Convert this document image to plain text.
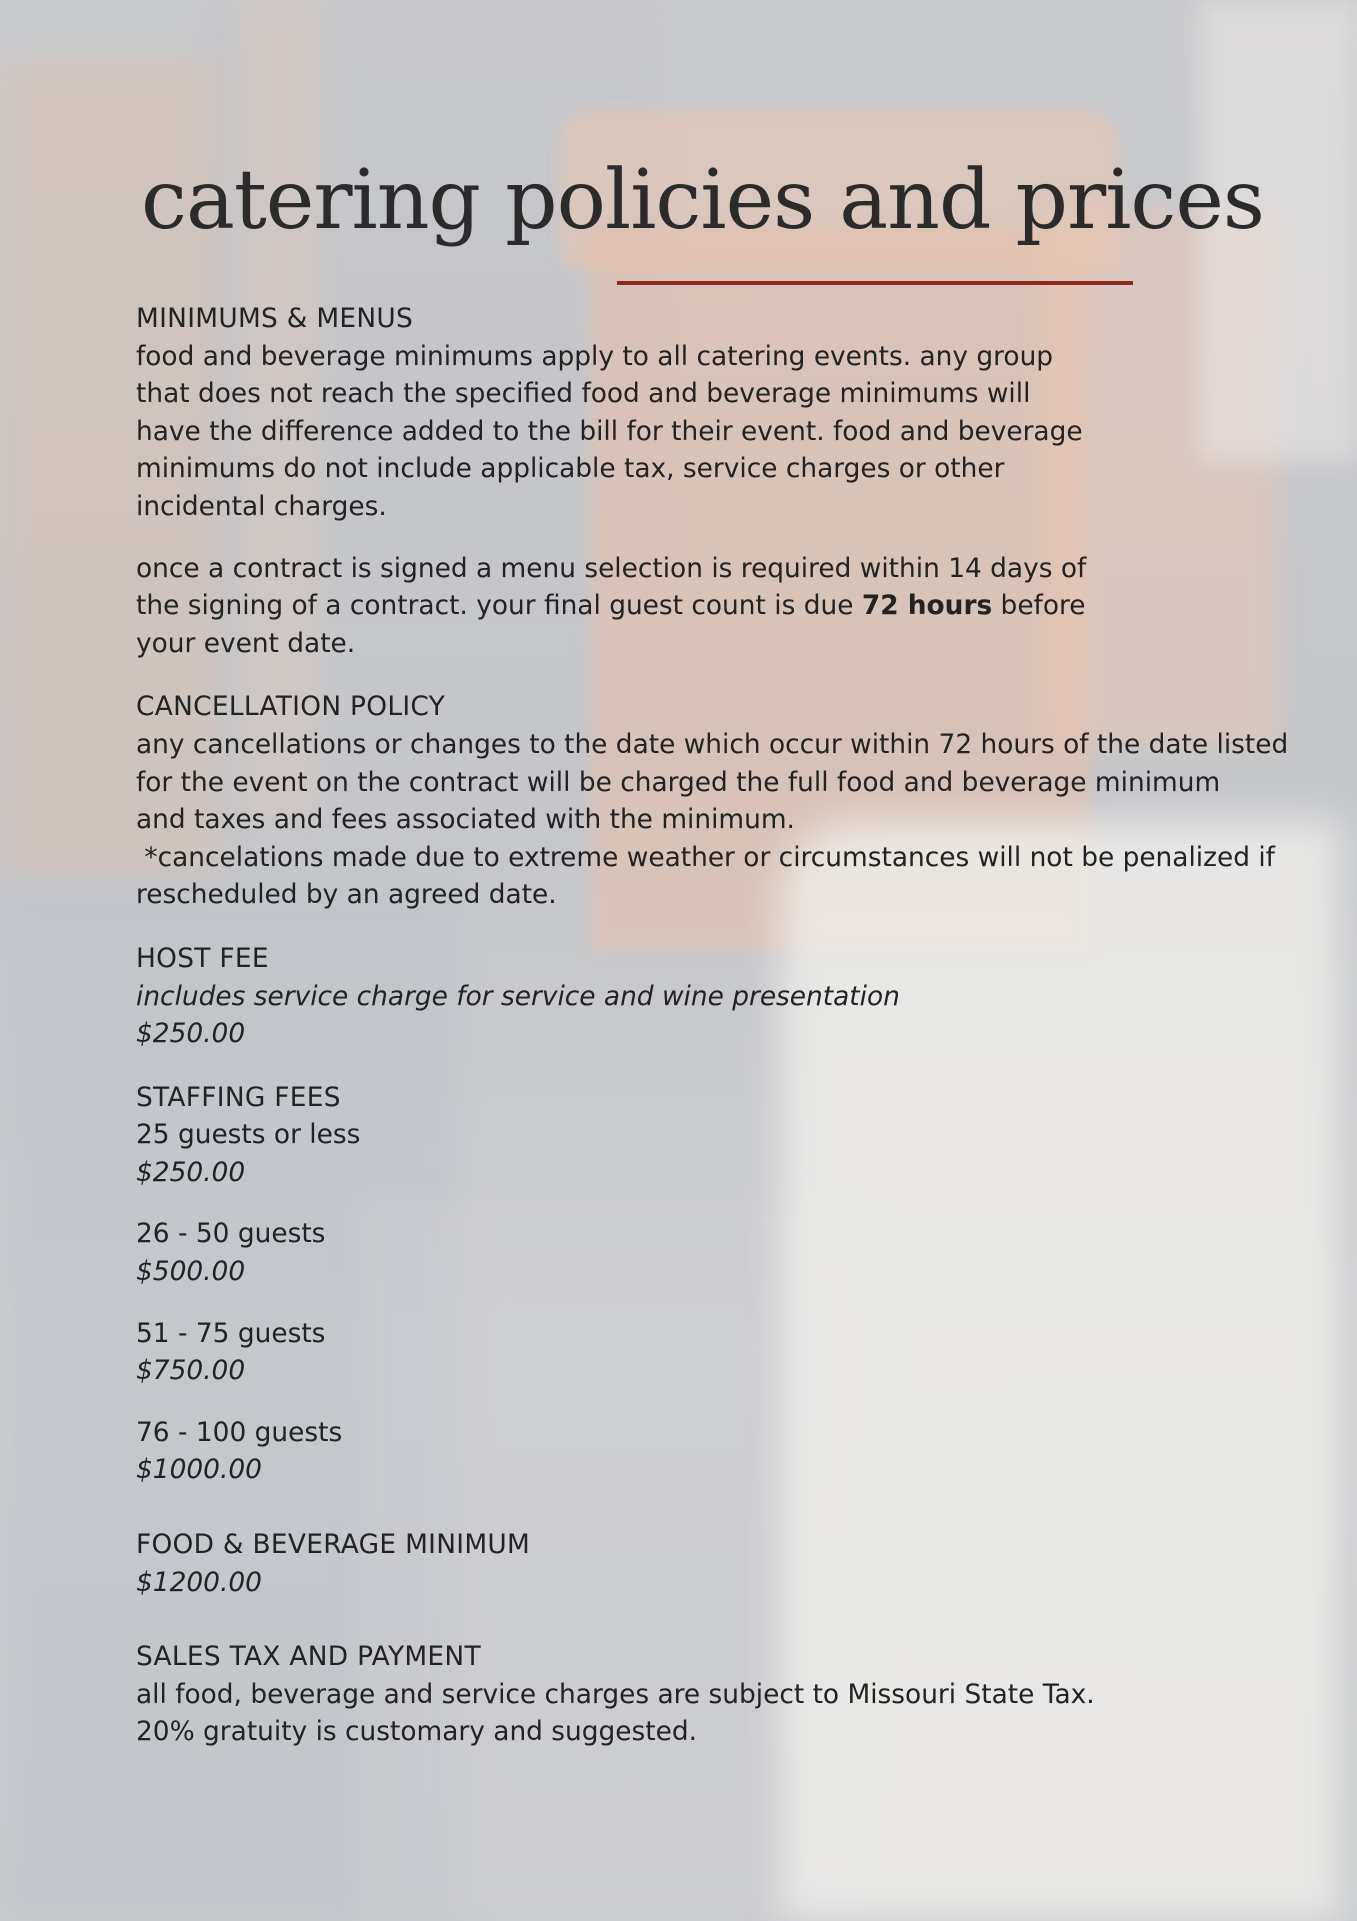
catering policies and prices

MINIMUMS & MENUS

food and beverage minimums apply to all catering events. any group

that does not reach the specified food and beverage minimums will

have the difference added to the bill for their event. food and beverage

minimums do not include applicable tax, service charges or other

incidental charges.

once a contract is signed a menu selection is required within 14 days of

the signing of a contract. your final guest count is due 72 hours before

your event date.

CANCELLATION POLICY

any cancellations or changes to the date which occur within 72 hours of the date listed

for the event on the contract will be charged the full food and beverage minimum

and taxes and fees associated with the minimum.

*cancelations made due to extreme weather or circumstances will not be penalized if

rescheduled by an agreed date.

HOST FEE

includes service charge for service and wine presentation

$250.00

STAFFING FEES

25 guests or less

$250.00

26 - 50 guests

$500.00

51 - 75 guests

$750.00

76 - 100 guests

$1000.00

FOOD & BEVERAGE MINIMUM

$1200.00

SALES TAX AND PAYMENT

all food, beverage and service charges are subject to Missouri State Tax.

20% gratuity is customary and suggested.
